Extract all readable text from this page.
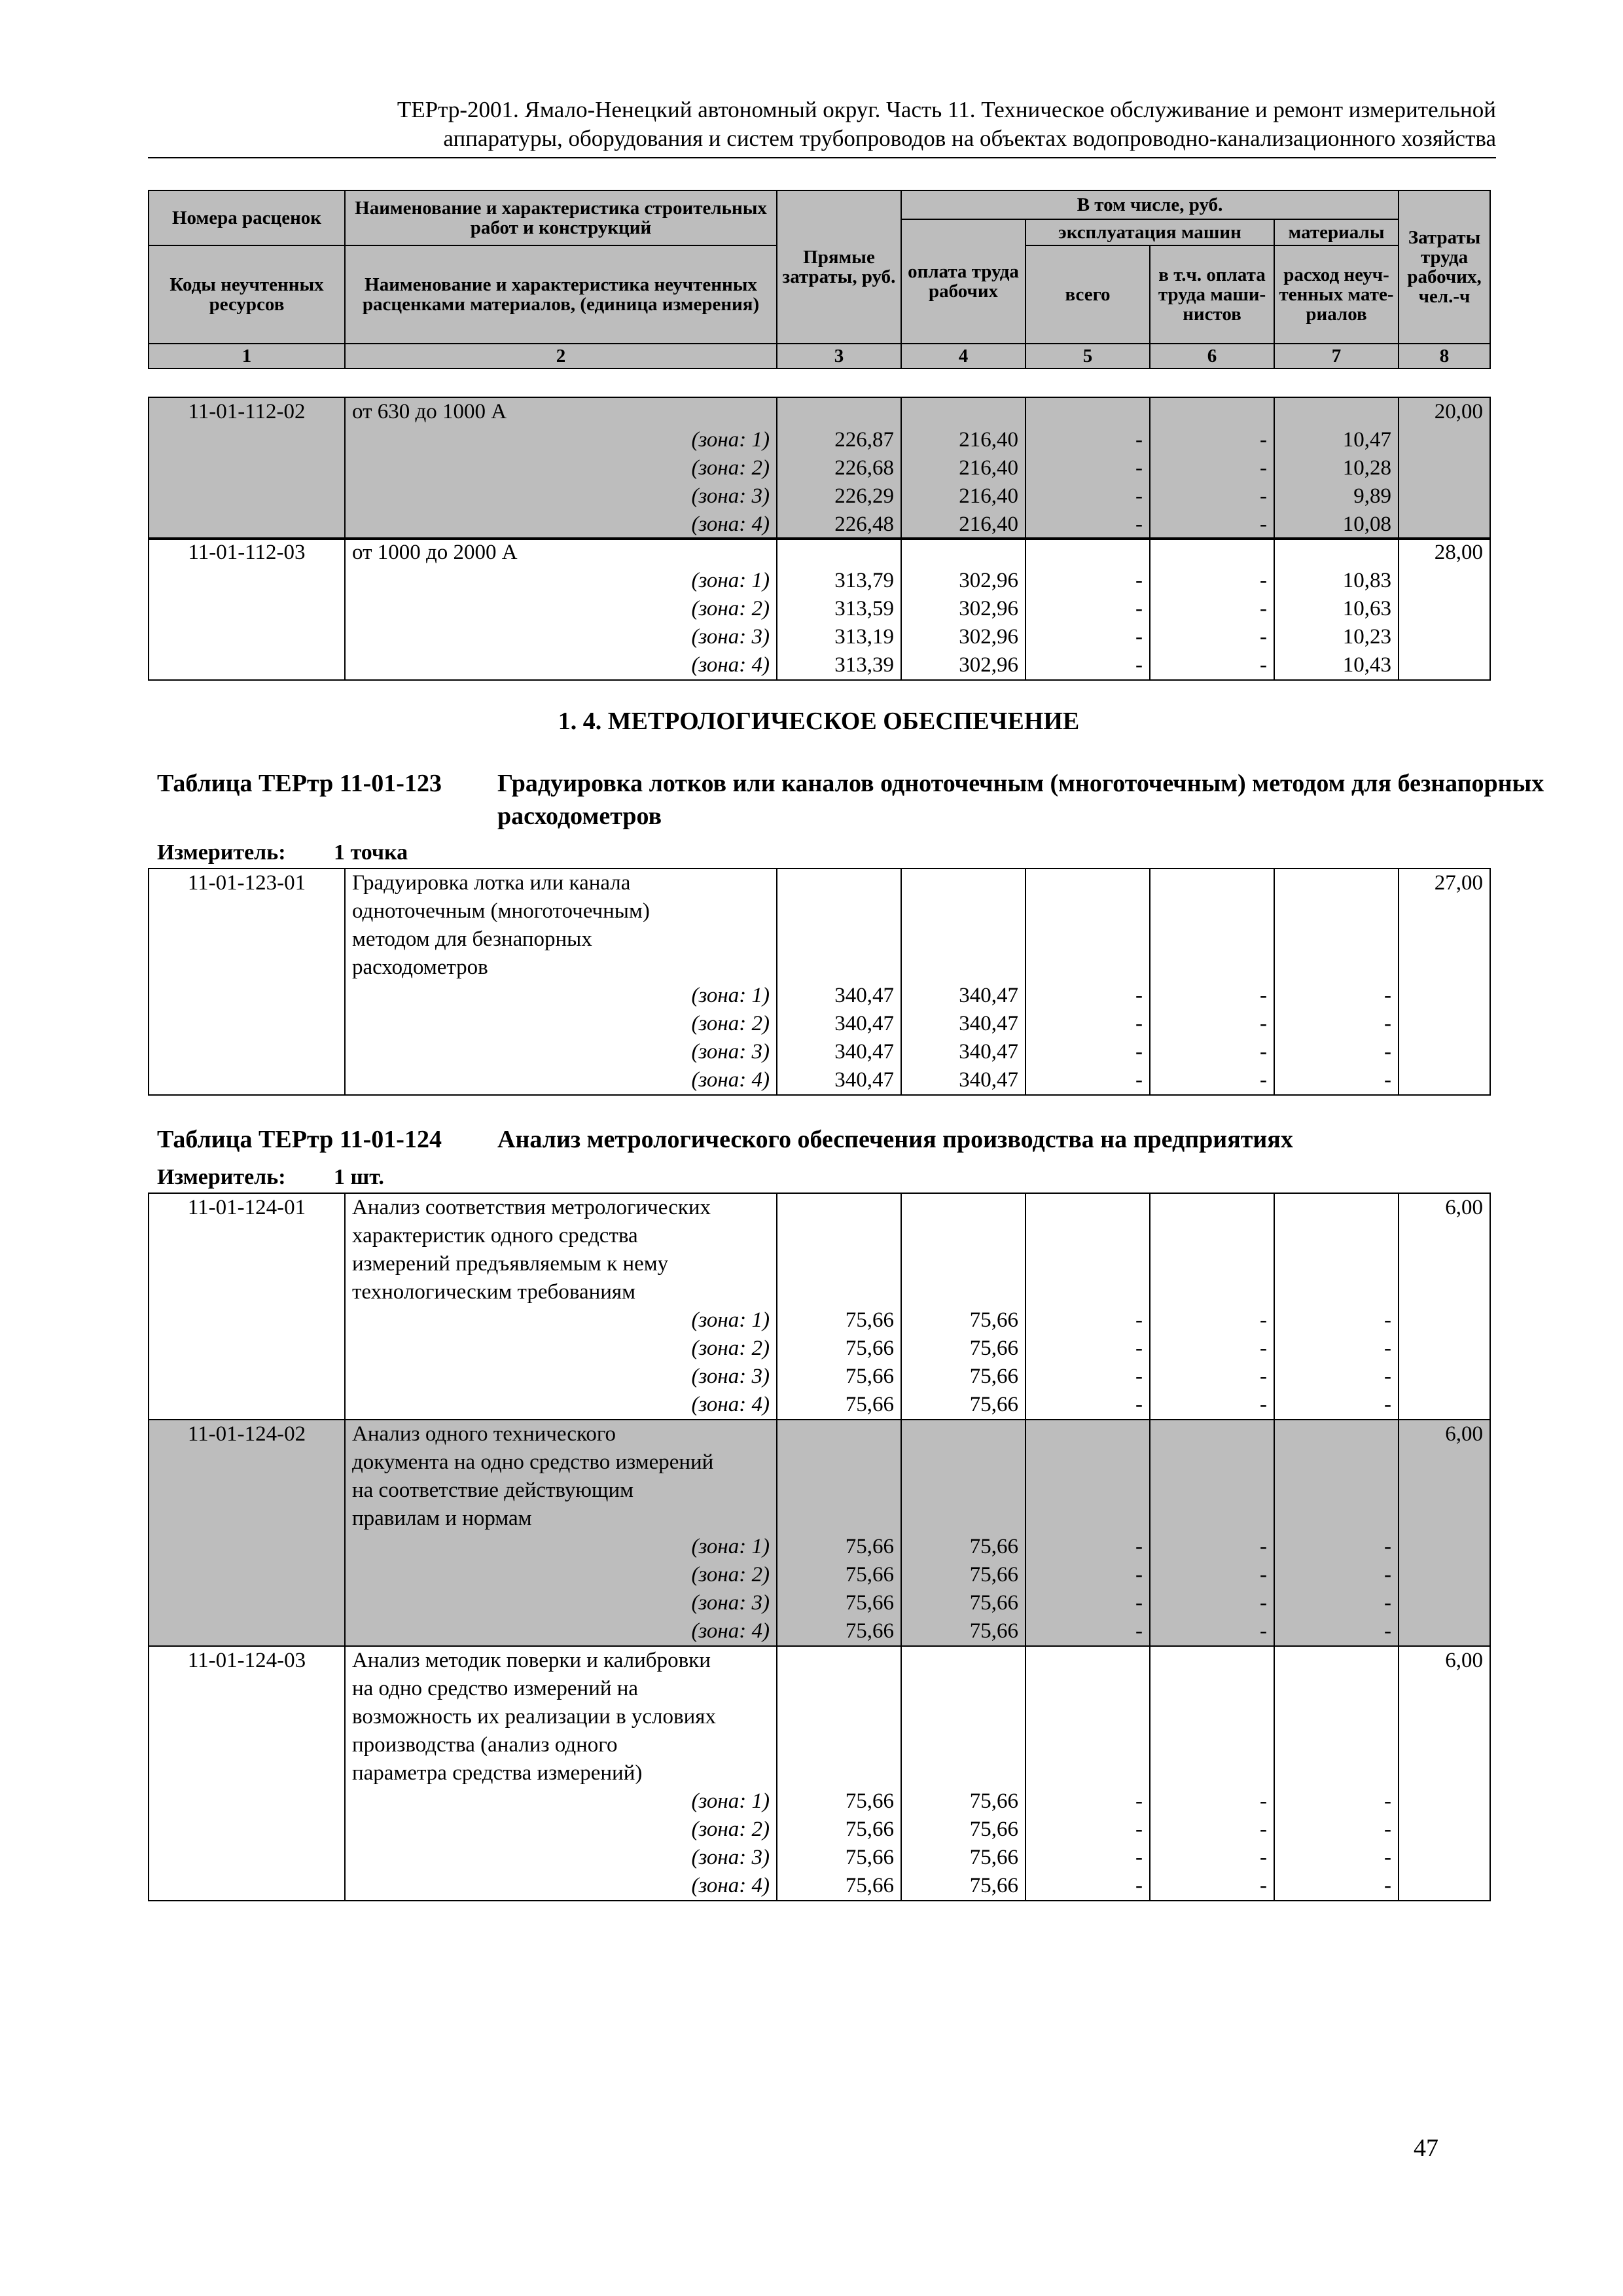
ТЕРтр-2001. Ямало-Ненецкий автономный округ. Часть 11. Техническое обслуживание и ремонт измерительной
аппаратуры, оборудования и систем трубопроводов на объектах водопроводно-канализационного хозяйства
Номера расценок	Наименование и характеристика строительных работ и конструкций	Прямые затраты, руб.	В том числе, руб.				Затраты труда рабочих, чел.-ч
			оплата труда рабочих	эксплуатация машин		материалы	
Коды неучтенных ресурсов	Наименование и характеристика неучтенных расценками материалов, (единица измерения)			всего	в т.ч. оплата труда маши-нистов	расход неуч-тенных мате-риалов	

1	2	3	4	5	6	7	8
11-01-112-02	от 630 до 1000 А						20,00
	(зона: 1)	226,87	216,40	-	-	10,47	
	(зона: 2)	226,68	216,40	-	-	10,28	
	(зона: 3)	226,29	216,40	-	-	9,89	
	(зона: 4)	226,48	216,40	-	-	10,08	
11-01-112-03	от 1000 до 2000 А						28,00
	(зона: 1)	313,79	302,96	-	-	10,83	
	(зона: 2)	313,59	302,96	-	-	10,63	
	(зона: 3)	313,19	302,96	-	-	10,23	
	(зона: 4)	313,39	302,96	-	-	10,43	
1. 4. МЕТРОЛОГИЧЕСКОЕ ОБЕСПЕЧЕНИЕ
Таблица ТЕРтр 11-01-123 Градуировка лотков или каналов одноточечным (многоточечным) методом для безнапорных расходометров
Измеритель: 1 точка
11-01-123-01	Градуировка лотка или канала
одноточечным (многоточечным)
методом для безнапорных
расходометров						27,00
	(зона: 1)	340,47	340,47	-	-	-	
	(зона: 2)	340,47	340,47	-	-	-	
	(зона: 3)	340,47	340,47	-	-	-	
	(зона: 4)	340,47	340,47	-	-	-	
Таблица ТЕРтр 11-01-124 Анализ метрологического обеспечения производства на предприятиях
Измеритель: 1 шт.
11-01-124-01	Анализ соответствия метрологических
характеристик одного средства
измерений предъявляемым к нему
технологическим требованиям						6,00
	(зона: 1)	75,66	75,66	-	-	-	
	(зона: 2)	75,66	75,66	-	-	-	
	(зона: 3)	75,66	75,66	-	-	-	
	(зона: 4)	75,66	75,66	-	-	-	
11-01-124-02	Анализ одного технического
документа на одно средство измерений
на соответствие действующим
правилам и нормам						6,00
	(зона: 1)	75,66	75,66	-	-	-	
	(зона: 2)	75,66	75,66	-	-	-	
	(зона: 3)	75,66	75,66	-	-	-	
	(зона: 4)	75,66	75,66	-	-	-	
11-01-124-03	Анализ методик поверки и калибровки
на одно средство измерений на
возможность их реализации в условиях
производства (анализ одного
параметра средства измерений)						6,00
	(зона: 1)	75,66	75,66	-	-	-	
	(зона: 2)	75,66	75,66	-	-	-	
	(зона: 3)	75,66	75,66	-	-	-	
	(зона: 4)	75,66	75,66	-	-	-	
47
